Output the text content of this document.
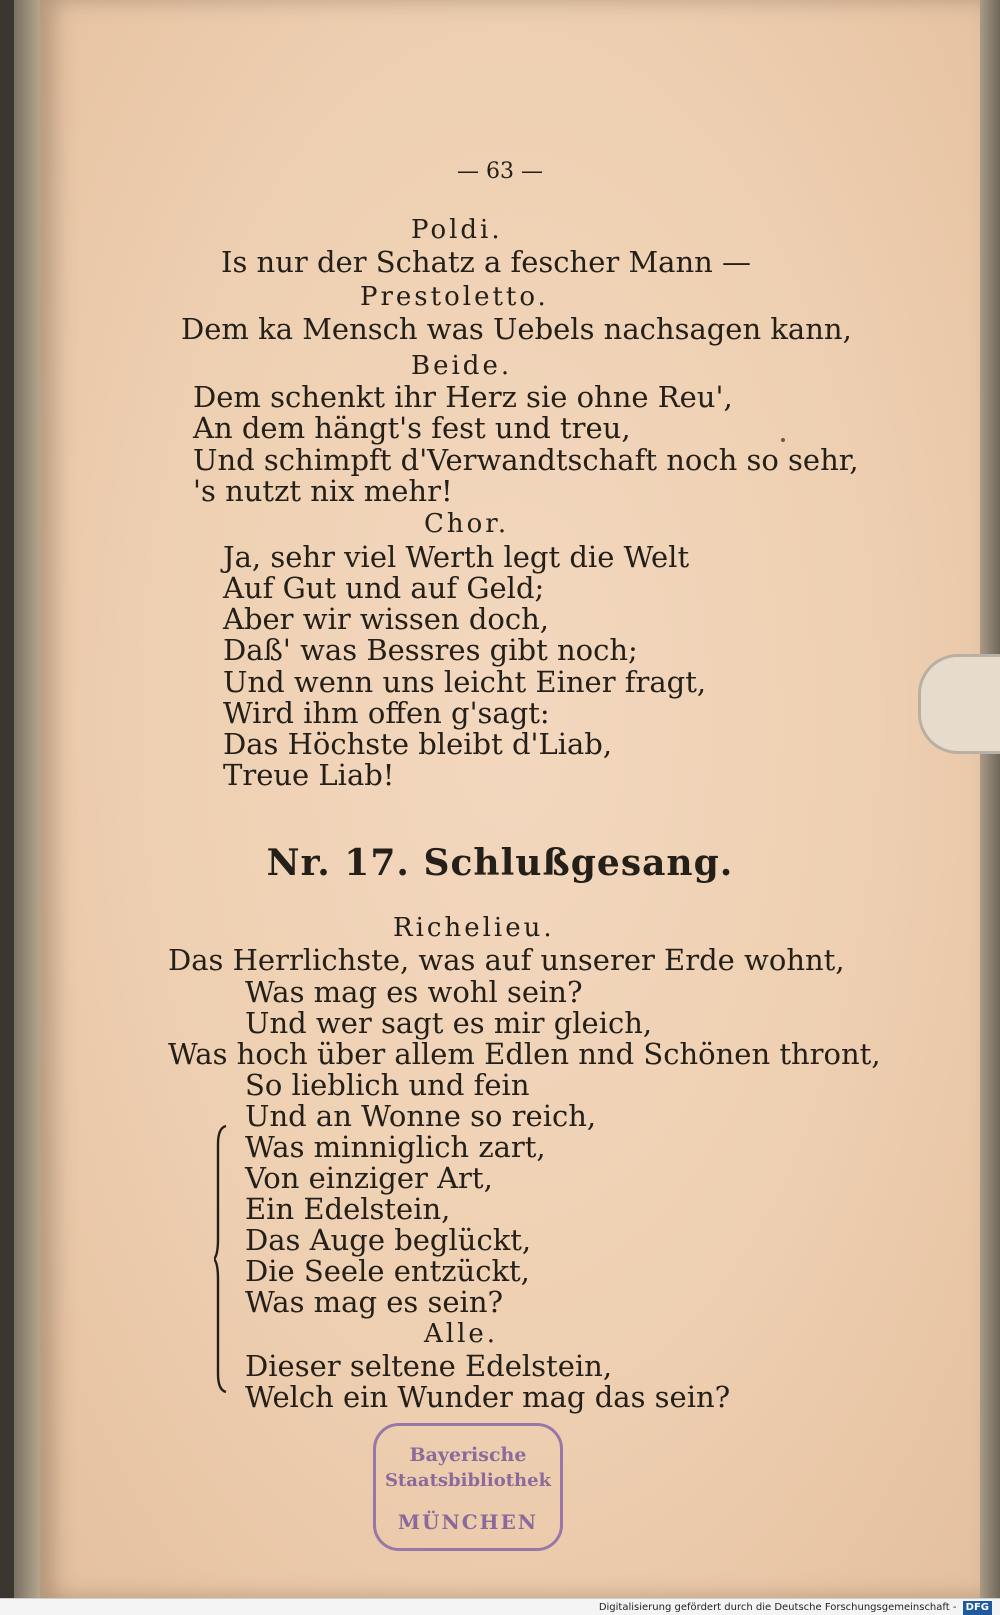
— 63 —
Poldi.
Is nur der Schatz a fescher Mann —
Prestoletto.
Dem ka Mensch was Uebels nachsagen kann,
Beide.
Dem schenkt ihr Herz sie ohne Reu',
An dem hängt's fest und treu,
Und schimpft d'Verwandtschaft noch so sehr,
's nutzt nix mehr!
Chor.
Ja, sehr viel Werth legt die Welt
Auf Gut und auf Geld;
Aber wir wissen doch,
Daß' was Bessres gibt noch;
Und wenn uns leicht Einer fragt,
Wird ihm offen g'sagt:
Das Höchste bleibt d'Liab,
Treue Liab!
Nr. 17. Schlußgesang.
Richelieu.
Das Herrlichste, was auf unserer Erde wohnt,
Was mag es wohl sein?
Und wer sagt es mir gleich,
Was hoch über allem Edlen nnd Schönen thront,
So lieblich und fein
Und an Wonne so reich,
Was minniglich zart,
Von einziger Art,
Ein Edelstein,
Das Auge beglückt,
Die Seele entzückt,
Was mag es sein?
Alle.
Dieser seltene Edelstein,
Welch ein Wunder mag das sein?
Bayerische
Staatsbibliothek
MÜNCHEN
Digitalisierung gefördert durch die Deutsche Forschungsgemeinschaft - DFG
